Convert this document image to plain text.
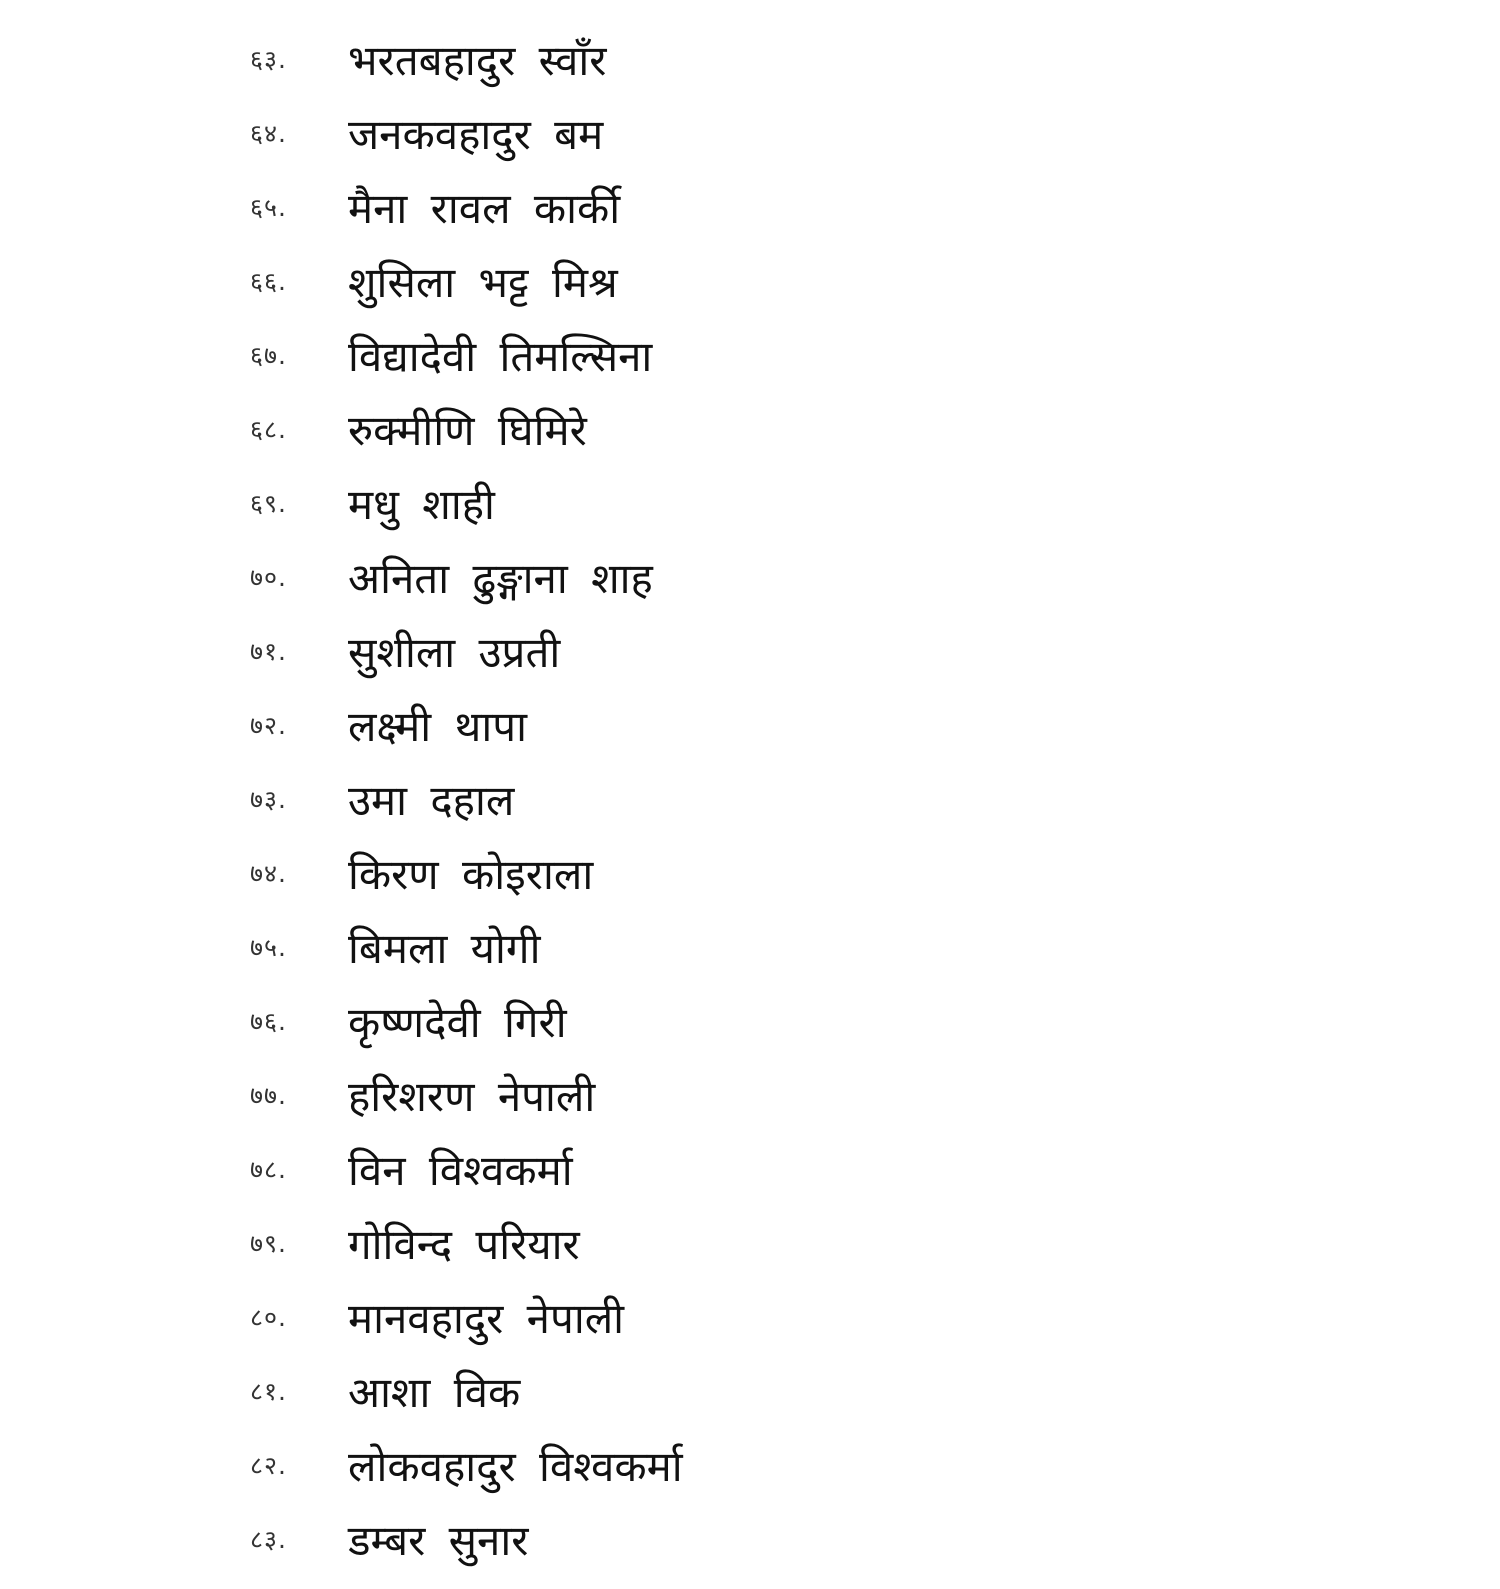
६३.	भरतबहादुर स्वाँर
६४.	जनकवहादुर बम
६५.	मैना रावल कार्की
६६.	शुसिला भट्ट मिश्र
६७.	विद्यादेवी तिमल्सिना
६८.	रुक्मीणि घिमिरे
६९.	मधु शाही
७०.	अनिता ढुङ्गाना शाह
७१.	सुशीला उप्रती
७२.	लक्ष्मी थापा
७३.	उमा दहाल
७४.	किरण कोइराला
७५.	बिमला योगी
७६.	कृष्णदेवी गिरी
७७.	हरिशरण नेपाली
७८.	विन विश्वकर्मा
७९.	गोविन्द परियार
८०.	मानवहादुर नेपाली
८१.	आशा विक
८२.	लोकवहादुर विश्वकर्मा
८३.	डम्बर सुनार
